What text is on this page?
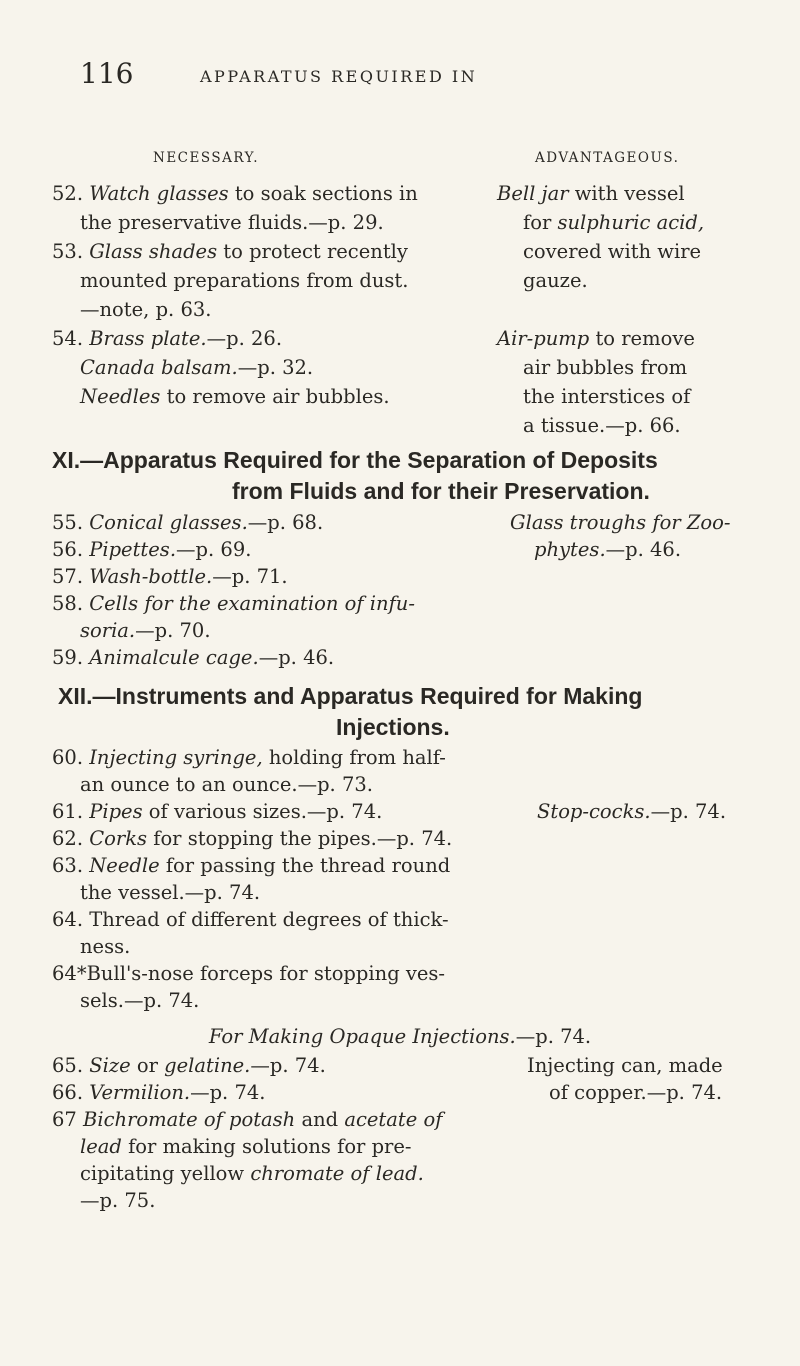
116	APPARATUS REQUIRED IN
NECESSARY.	ADVANTAGEOUS.
52. Watch glasses to soak sections in
the preservative fluids.—p. 29.
53. Glass shades to protect recently
mounted preparations from dust.
—note, p. 63.
54. Brass plate.—p. 26.
Canada balsam.—p. 32.
Needles to remove air bubbles.
Bell jar with vessel
for sulphuric acid,
covered with wire
gauze.
Air-pump to remove
air bubbles from
the interstices of
a tissue.—p. 66.
XI.—Apparatus Required for the Separation of Deposits
from Fluids and for their Preservation.
55. Conical glasses.—p. 68.
56. Pipettes.—p. 69.
57. Wash-bottle.—p. 71.
58. Cells for the examination of infu-
soria.—p. 70.
59. Animalcule cage.—p. 46.
Glass troughs for Zoo-
phytes.—p. 46.
XII.—Instruments and Apparatus Required for Making
Injections.
60. Injecting syringe, holding from half-
an ounce to an ounce.—p. 73.
61. Pipes of various sizes.—p. 74.
62. Corks for stopping the pipes.—p. 74.
63. Needle for passing the thread round
the vessel.—p. 74.
64. Thread of different degrees of thick-
ness.
64*Bull's-nose forceps for stopping ves-
sels.—p. 74.
Stop-cocks.—p. 74.
For Making Opaque Injections.—p. 74.
65. Size or gelatine.—p. 74.
66. Vermilion.—p. 74.
67 Bichromate of potash and acetate of
lead for making solutions for pre-
cipitating yellow chromate of lead.
—p. 75.
Injecting can, made
of copper.—p. 74.
